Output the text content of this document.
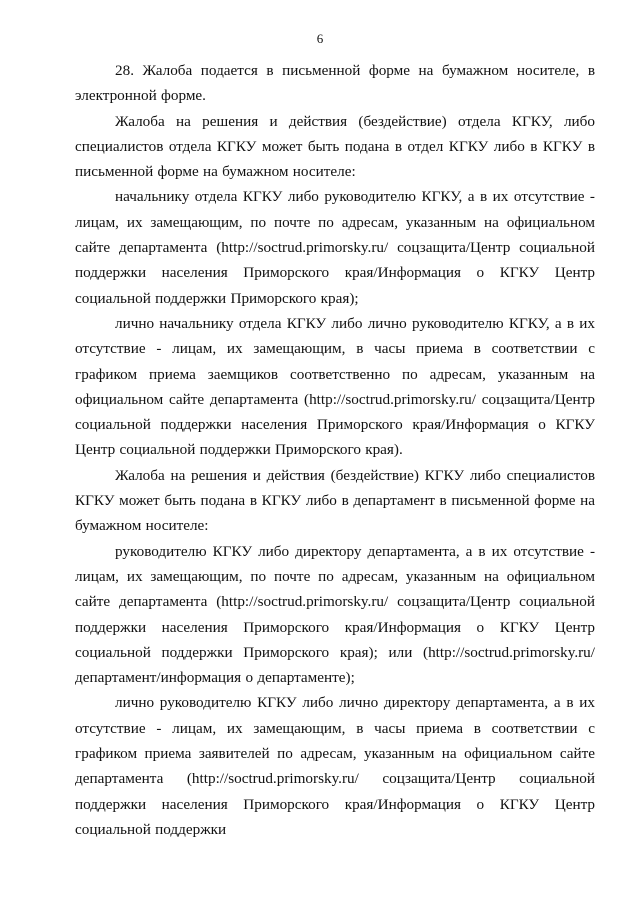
6

28. Жалоба подается в письменной форме на бумажном носителе, в электронной форме.

Жалоба на решения и действия (бездействие) отдела КГКУ, либо специалистов отдела КГКУ может быть подана в отдел КГКУ либо в КГКУ в письменной форме на бумажном носителе:

начальнику отдела КГКУ либо руководителю КГКУ, а в их отсутствие - лицам, их замещающим, по почте по адресам, указанным на официальном сайте департамента (http://soctrud.primorsky.ru/ соцзащита/Центр социальной поддержки населения Приморского края/Информация о КГКУ Центр социальной поддержки Приморского края);

лично начальнику отдела КГКУ либо лично руководителю КГКУ, а в их отсутствие - лицам, их замещающим, в часы приема в соответствии с графиком приема заемщиков соответственно по адресам, указанным на официальном сайте департамента (http://soctrud.primorsky.ru/ соцзащита/Центр социальной поддержки населения Приморского края/Информация о КГКУ Центр социальной поддержки Приморского края).

Жалоба на решения и действия (бездействие) КГКУ либо специалистов КГКУ может быть подана в КГКУ либо в департамент в письменной форме на бумажном носителе:

руководителю КГКУ либо директору департамента, а в их отсутствие - лицам, их замещающим, по почте по адресам, указанным на официальном сайте департамента (http://soctrud.primorsky.ru/ соцзащита/Центр социальной поддержки населения Приморского края/Информация о КГКУ Центр социальной поддержки Приморского края); или (http://soctrud.primorsky.ru/ департамент/информация о департаменте);

лично руководителю КГКУ либо лично директору департамента, а в их отсутствие - лицам, их замещающим, в часы приема в соответствии с графиком приема заявителей по адресам, указанным на официальном сайте департамента (http://soctrud.primorsky.ru/ соцзащита/Центр социальной поддержки населения Приморского края/Информация о КГКУ Центр социальной поддержки
